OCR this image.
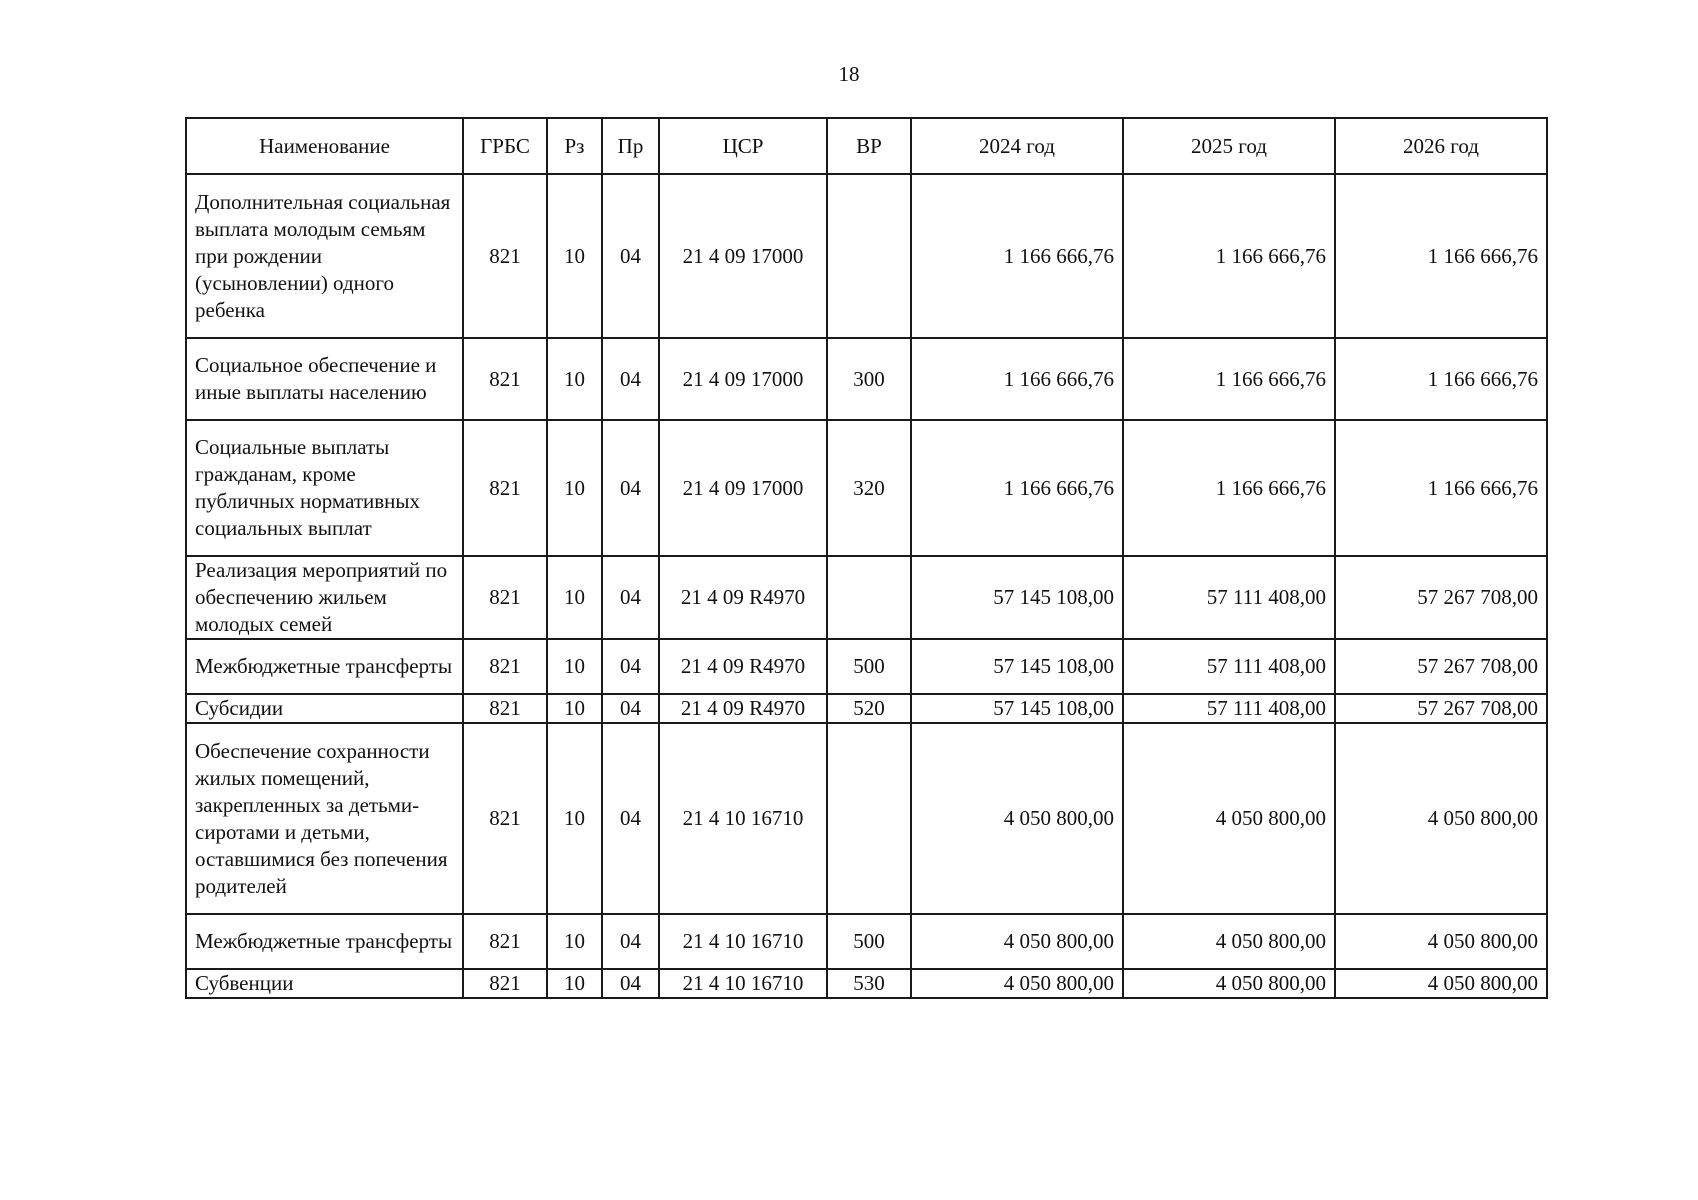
18
Наименование	ГРБС	Рз	Пр	ЦСР	ВР	2024 год	2025 год	2026 год
Дополнительная социальная выплата молодым семьям при рождении (усыновлении) одного ребенка	821	10	04	21 4 09 17000		1 166 666,76	1 166 666,76	1 166 666,76
Социальное обеспечение и иные выплаты населению	821	10	04	21 4 09 17000	300	1 166 666,76	1 166 666,76	1 166 666,76
Социальные выплаты гражданам, кроме публичных нормативных социальных выплат	821	10	04	21 4 09 17000	320	1 166 666,76	1 166 666,76	1 166 666,76
Реализация мероприятий по обеспечению жильем молодых семей	821	10	04	21 4 09 R4970		57 145 108,00	57 111 408,00	57 267 708,00
Межбюджетные трансферты	821	10	04	21 4 09 R4970	500	57 145 108,00	57 111 408,00	57 267 708,00
Субсидии	821	10	04	21 4 09 R4970	520	57 145 108,00	57 111 408,00	57 267 708,00
Обеспечение сохранности жилых помещений, закрепленных за детьми-сиротами и детьми, оставшимися без попечения родителей	821	10	04	21 4 10 16710		4 050 800,00	4 050 800,00	4 050 800,00
Межбюджетные трансферты	821	10	04	21 4 10 16710	500	4 050 800,00	4 050 800,00	4 050 800,00
Субвенции	821	10	04	21 4 10 16710	530	4 050 800,00	4 050 800,00	4 050 800,00
